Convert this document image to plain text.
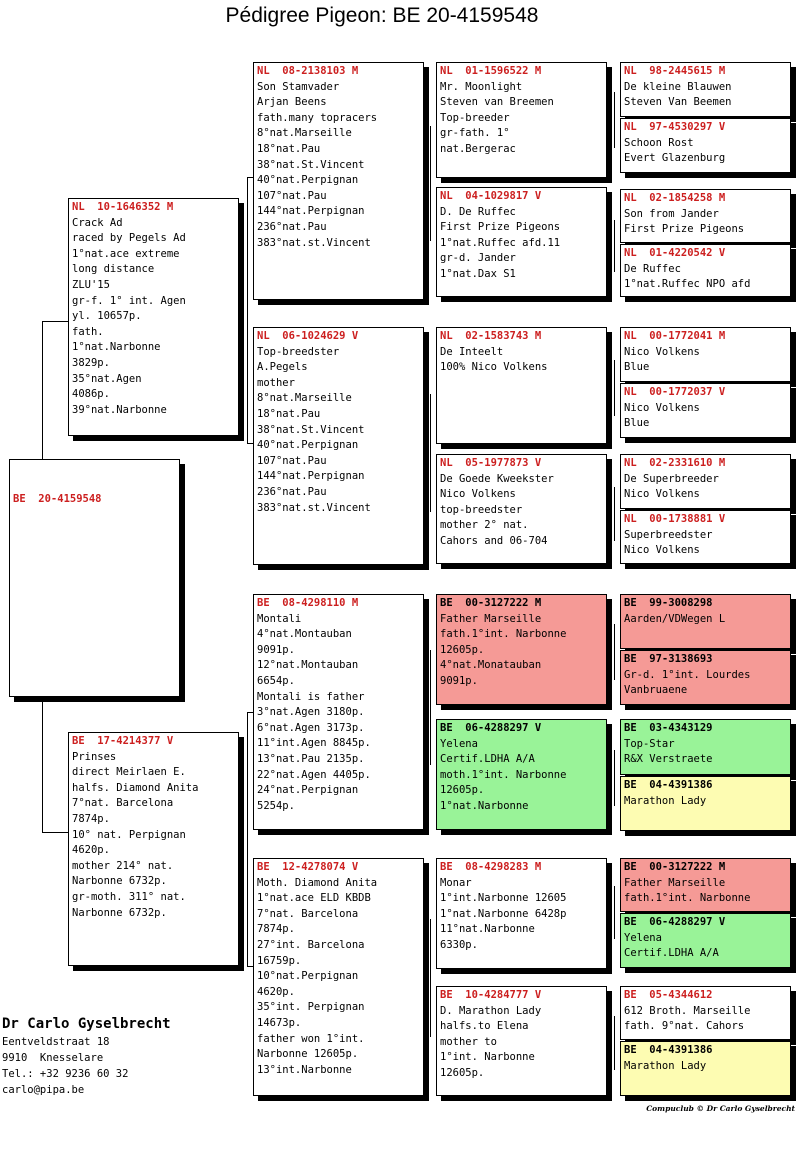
Pédigree Pigeon: BE 20-4159548

BE  20-4159548

NL  10-1646352 M
Crack Ad
raced by Pegels Ad
1°nat.ace extreme
long distance
ZLU'15
gr-f. 1° int. Agen
yl. 10657p.
fath.
1°nat.Narbonne
3829p.
35°nat.Agen
4086p.
39°nat.Narbonne
BE  17-4214377 V
Prinses
direct Meirlaen E.
halfs. Diamond Anita
7°nat. Barcelona
7874p.
10° nat. Perpignan
4620p.
mother 214° nat.
Narbonne 6732p.
gr-moth. 311° nat.
Narbonne 6732p.
NL  08-2138103 M
Son Stamvader
Arjan Beens
fath.many topracers
8°nat.Marseille
18°nat.Pau
38°nat.St.Vincent
40°nat.Perpignan
107°nat.Pau
144°nat.Perpignan
236°nat.Pau
383°nat.st.Vincent
NL  06-1024629 V
Top-breedster
A.Pegels
mother
8°nat.Marseille
18°nat.Pau
38°nat.St.Vincent
40°nat.Perpignan
107°nat.Pau
144°nat.Perpignan
236°nat.Pau
383°nat.st.Vincent
BE  08-4298110 M
Montali
4°nat.Montauban
9091p.
12°nat.Montauban
6654p.
Montali is father
3°nat.Agen 3180p.
6°nat.Agen 3173p.
11°int.Agen 8845p.
13°nat.Pau 2135p.
22°nat.Agen 4405p.
24°nat.Perpignan
5254p.
BE  12-4278074 V
Moth. Diamond Anita
1°nat.ace ELD KBDB
7°nat. Barcelona
7874p.
27°int. Barcelona
16759p.
10°nat.Perpignan
4620p.
35°int. Perpignan
14673p.
father won 1°int.
Narbonne 12605p.
13°int.Narbonne
NL  01-1596522 M
Mr. Moonlight
Steven van Breemen
Top-breeder
gr-fath. 1°
nat.Bergerac
NL  04-1029817 V
D. De Ruffec
First Prize Pigeons
1°nat.Ruffec afd.11
gr-d. Jander
1°nat.Dax S1
NL  02-1583743 M
De Inteelt
100% Nico Volkens
NL  05-1977873 V
De Goede Kweekster
Nico Volkens
top-breedster
mother 2° nat.
Cahors and 06-704
BE  00-3127222 M
Father Marseille
fath.1°int. Narbonne
12605p.
4°nat.Monatauban
9091p.
BE  06-4288297 V
Yelena
Certif.LDHA A/A
moth.1°int. Narbonne
12605p.
1°nat.Narbonne
BE  08-4298283 M
Monar
1°int.Narbonne 12605
1°nat.Narbonne 6428p
11°nat.Narbonne
6330p.
BE  10-4284777 V
D. Marathon Lady
halfs.to Elena
mother to
1°int. Narbonne
12605p.
NL  98-2445615 M
De kleine Blauwen
Steven Van Beemen
NL  97-4530297 V
Schoon Rost
Evert Glazenburg
NL  02-1854258 M
Son from Jander
First Prize Pigeons
NL  01-4220542 V
De Ruffec
1°nat.Ruffec NPO afd
NL  00-1772041 M
Nico Volkens
Blue
NL  00-1772037 V
Nico Volkens
Blue
NL  02-2331610 M
De Superbreeder
Nico Volkens
NL  00-1738881 V
Superbreedster
Nico Volkens
BE  99-3008298
Aarden/VDWegen L
BE  97-3138693
Gr-d. 1°int. Lourdes
Vanbruaene
BE  03-4343129
Top-Star
R&X Verstraete
BE  04-4391386
Marathon Lady
BE  00-3127222 M
Father Marseille
fath.1°int. Narbonne
BE  06-4288297 V
Yelena
Certif.LDHA A/A
BE  05-4344612
612 Broth. Marseille
fath. 9°nat. Cahors
BE  04-4391386
Marathon Lady
Dr Carlo Gyselbrecht
Eentveldstraat 18
9910  Knesselare
Tel.: +32 9236 60 32
carlo@pipa.be
Compuclub © Dr Carlo Gyselbrecht
